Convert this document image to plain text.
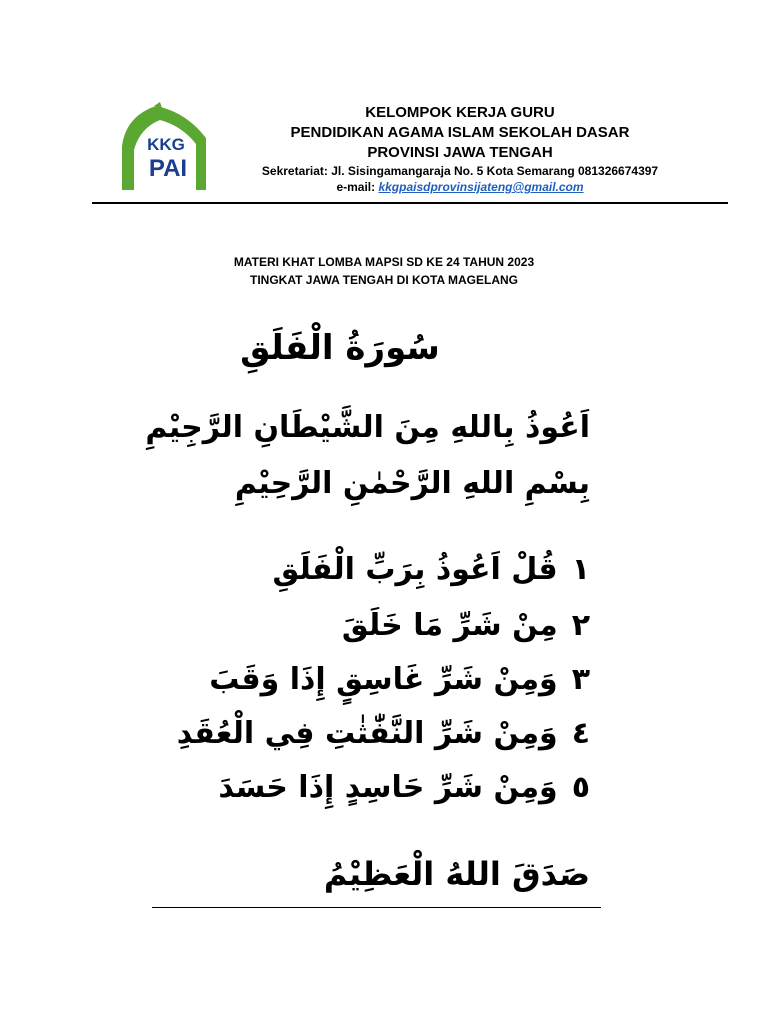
KKG
PAI
KELOMPOK KERJA GURU
PENDIDIKAN AGAMA ISLAM SEKOLAH DASAR
PROVINSI JAWA TENGAH
Sekretariat: Jl. Sisingamangaraja No. 5 Kota Semarang 081326674397
e-mail: kkgpaisdprovinsijateng@gmail.com
MATERI KHAT LOMBA MAPSI SD KE 24 TAHUN 2023
TINGKAT JAWA TENGAH DI KOTA MAGELANG
سُورَةُ الْفَلَقِ
اَعُوذُ بِاللهِ مِنَ الشَّيْطَانِ الرَّجِيْمِ
بِسْمِ اللهِ الرَّحْمٰنِ الرَّحِيْمِ
١قُلْ اَعُوذُ بِرَبِّ الْفَلَقِ
٢مِنْ شَرِّ مَا خَلَقَ
٣وَمِنْ شَرِّ غَاسِقٍ إِذَا وَقَبَ
٤وَمِنْ شَرِّ النَّفّٰثٰتِ فِي الْعُقَدِ
٥وَمِنْ شَرِّ حَاسِدٍ إِذَا حَسَدَ
صَدَقَ اللهُ الْعَظِيْمُ
